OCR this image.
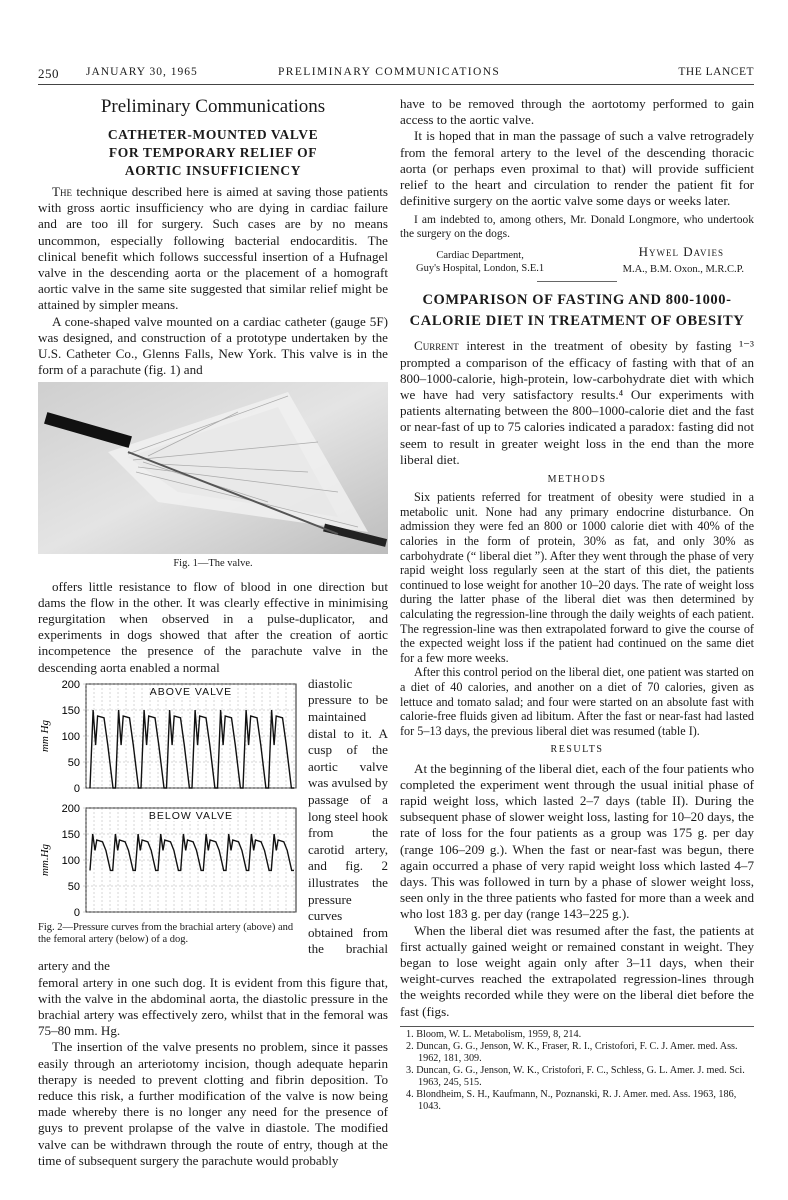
250 JANUARY 30, 1965	PRELIMINARY COMMUNICATIONS	THE LANCET
Preliminary Communications
CATHETER-MOUNTED VALVE
FOR TEMPORARY RELIEF OF
AORTIC INSUFFICIENCY

The technique described here is aimed at saving those patients with gross aortic insufficiency who are dying in cardiac failure and are too ill for surgery. Such cases are by no means uncommon, especially following bacterial endocarditis. The clinical benefit which follows successful insertion of a Hufnagel valve in the descending aorta or the placement of a homograft aortic valve in the same site suggested that similar relief might be attained by simpler means.

A cone-shaped valve mounted on a cardiac catheter (gauge 5F) was designed, and construction of a prototype undertaken by the U.S. Catheter Co., Glenns Falls, New York. This valve is in the form of a parachute (fig. 1) and

Fig. 1—The valve.

offers little resistance to flow of blood in one direction but dams the flow in the other. It was clearly effective in minimising regurgitation when observed in a pulse-duplicator, and experiments in dogs showed that after the creation of aortic incompetence the presence of the parachute valve in the descending aorta enabled a normal

0
50
100
150
200
ABOVE VALVE
mm Hg
0
50
100
150
200
BELOW VALVE
mm.Hg
Fig. 2—Pressure curves from the brachial artery (above) and the femoral artery (below) of a dog.
diastolic pressure to be maintained distal to it. A cusp of the aortic valve was avulsed by passage of a long steel hook from the carotid artery, and fig. 2 illustrates the pressure curves obtained from the brachial artery and the

femoral artery in one such dog. It is evident from this figure that, with the valve in the abdominal aorta, the diastolic pressure in the brachial artery was effectively zero, whilst that in the femoral was 75–80 mm. Hg.

The insertion of the valve presents no problem, since it passes easily through an arteriotomy incision, though adequate heparin therapy is needed to prevent clotting and fibrin deposition. To reduce this risk, a further modification of the valve is now being made whereby there is no longer any need for the presence of guys to prevent prolapse of the valve in diastole. The modified valve can be withdrawn through the route of entry, though at the time of subsequent surgery the parachute would probably

have to be removed through the aortotomy performed to gain access to the aortic valve.

It is hoped that in man the passage of such a valve retrogradely from the femoral artery to the level of the descending thoracic aorta (or perhaps even proximal to that) will provide sufficient relief to the heart and circulation to render the patient fit for definitive surgery on the aortic valve some days or weeks later.

I am indebted to, among others, Mr. Donald Longmore, who undertook the surgery on the dogs.
Cardiac Department,
Guy's Hospital, London, S.E.1
Hywel Davies
M.A., B.M. Oxon., M.R.C.P.
COMPARISON OF FASTING AND 800-1000-
CALORIE DIET IN TREATMENT OF OBESITY

Current interest in the treatment of obesity by fasting ¹⁻³ prompted a comparison of the efficacy of fasting with that of an 800–1000-calorie, high-protein, low-carbohydrate diet with which we have had very satisfactory results.⁴ Our experiments with patients alternating between the 800–1000-calorie diet and the fast or near-fast of up to 75 calories indicated a paradox: fasting did not seem to result in greater weight loss in the end than the more liberal diet.

METHODS

Six patients referred for treatment of obesity were studied in a metabolic unit. None had any primary endocrine disturbance. On admission they were fed an 800 or 1000 calorie diet with 40% of the calories in the form of protein, 30% as fat, and only 30% as carbohydrate (“ liberal diet ”). After they went through the phase of very rapid weight loss regularly seen at the start of this diet, the patients continued to lose weight for another 10–20 days. The rate of weight loss during the latter phase of the liberal diet was then determined by calculating the regression-line through the daily weights of each patient. The regression-line was then extrapolated forward to give the course of the expected weight loss if the patient had continued on the same diet for a few more weeks.

After this control period on the liberal diet, one patient was started on a diet of 40 calories, and another on a diet of 70 calories, given as lettuce and tomato salad; and four were started on an absolute fast with calorie-free fluids given ad libitum. After the fast or near-fast had lasted for 5–13 days, the previous liberal diet was resumed (table I).

RESULTS

At the beginning of the liberal diet, each of the four patients who completed the experiment went through the usual initial phase of rapid weight loss, which lasted 2–7 days (table II). During the subsequent phase of slower weight loss, lasting for 10–20 days, the rate of loss for the four patients as a group was 175 g. per day (range 106–209 g.). When the fast or near-fast was begun, there again occurred a phase of very rapid weight loss which lasted 4–7 days. This was followed in turn by a phase of slower weight loss, seen only in the three patients who fasted for more than a week and who lost 183 g. per day (range 143–225 g.).

When the liberal diet was resumed after the fast, the patients at first actually gained weight or remained constant in weight. They began to lose weight again only after 3–11 days, when their weight-curves reached the extrapolated regression-lines through the weights recorded while they were on the liberal diet before the fast (figs.

1. Bloom, W. L. Metabolism, 1959, 8, 214.
2. Duncan, G. G., Jenson, W. K., Fraser, R. I., Cristofori, F. C. J. Amer. med. Ass. 1962, 181, 309.
3. Duncan, G. G., Jenson, W. K., Cristofori, F. C., Schless, G. L. Amer. J. med. Sci. 1963, 245, 515.
4. Blondheim, S. H., Kaufmann, N., Poznanski, R. J. Amer. med. Ass. 1963, 186, 1043.
